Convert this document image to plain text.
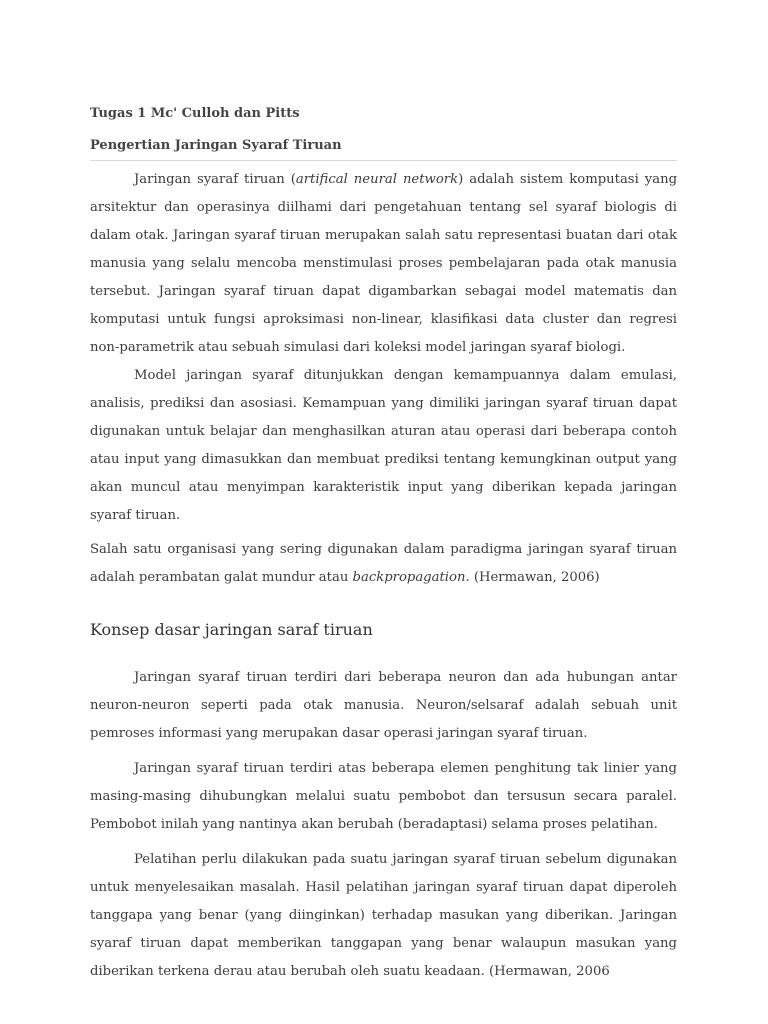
Tugas 1 Mc' Culloh dan Pitts
Pengertian Jaringan Syaraf Tiruan

Jaringan syaraf tiruan (artifical neural network) adalah sistem komputasi yang arsitektur dan operasinya diilhami dari pengetahuan tentang sel syaraf biologis di dalam otak. Jaringan syaraf tiruan merupakan salah satu representasi buatan dari otak manusia yang selalu mencoba menstimulasi proses pembelajaran pada otak manusia tersebut. Jaringan syaraf tiruan dapat digambarkan sebagai model matematis dan komputasi untuk fungsi aproksimasi non-linear, klasifikasi data cluster dan regresi non-parametrik atau sebuah simulasi dari koleksi model jaringan syaraf biologi.

Model jaringan syaraf ditunjukkan dengan kemampuannya dalam emulasi, analisis, prediksi dan asosiasi. Kemampuan yang dimiliki jaringan syaraf tiruan dapat digunakan untuk belajar dan menghasilkan aturan atau operasi dari beberapa contoh atau input yang dimasukkan dan membuat prediksi tentang kemungkinan output yang akan muncul atau menyimpan karakteristik input yang diberikan kepada jaringan syaraf tiruan.

Salah satu organisasi yang sering digunakan dalam paradigma jaringan syaraf tiruan adalah perambatan galat mundur atau backpropagation. (Hermawan, 2006)

Konsep dasar jaringan saraf tiruan

Jaringan syaraf tiruan terdiri dari beberapa neuron dan ada hubungan antar neuron-neuron seperti pada otak manusia. Neuron/selsaraf adalah sebuah unit pemroses informasi yang merupakan dasar operasi jaringan syaraf tiruan.

Jaringan syaraf tiruan terdiri atas beberapa elemen penghitung tak linier yang masing-masing dihubungkan melalui suatu pembobot dan tersusun secara paralel. Pembobot inilah yang nantinya akan berubah (beradaptasi) selama proses pelatihan.

Pelatihan perlu dilakukan pada suatu jaringan syaraf tiruan sebelum digunakan untuk menyelesaikan masalah. Hasil pelatihan jaringan syaraf tiruan dapat diperoleh tanggapa yang benar (yang diinginkan) terhadap masukan yang diberikan. Jaringan syaraf tiruan dapat memberikan tanggapan yang benar walaupun masukan yang diberikan terkena derau atau berubah oleh suatu keadaan. (Hermawan, 2006
